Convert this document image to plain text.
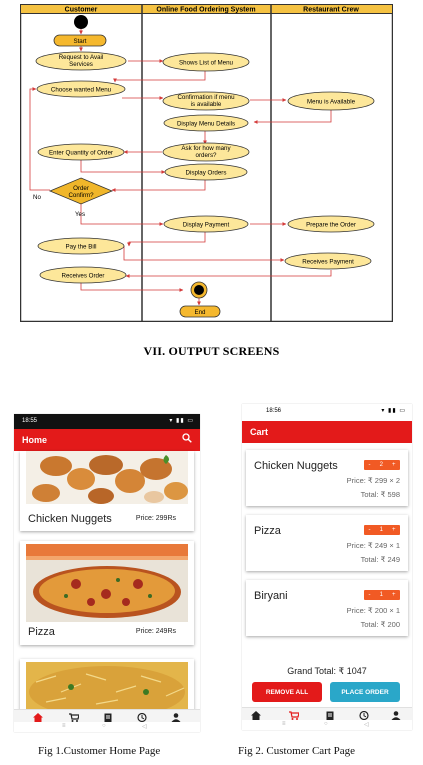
Customer	Online Food Ordering System	Restaurant Crew
Start
Request to Avail
Services	Shows List of Menu
Choose wanted Menu
Confirmation if menu
is available	Menu is Available
Display Menu Details
Enter Quantity of Order
Ask for how many
orders?
Display Orders
Order
Confirm?
No
Yes
Display Payment	Prepare the Order
Pay the Bill
Receives Payment
Receives Order
End
VII. OUTPUT SCREENS
18:55	▾ ▮▮ ▭
Home
Chicken Nuggets	Price: 299Rs
Pizza	Price: 249Rs
≡	○	◁
18:56	▾ ▮▮ ▭
Cart
Chicken Nuggets	- 2 +
Price: ₹ 299 × 2
Total: ₹ 598
Pizza	- 1 +
Price: ₹ 249 × 1
Total: ₹ 249
Biryani	- 1 +
Price: ₹ 200 × 1
Total: ₹ 200
Grand Total: ₹ 1047
REMOVE ALL	PLACE ORDER
≡	○	◁
Fig 1.Customer Home Page	Fig 2. Customer Cart Page
